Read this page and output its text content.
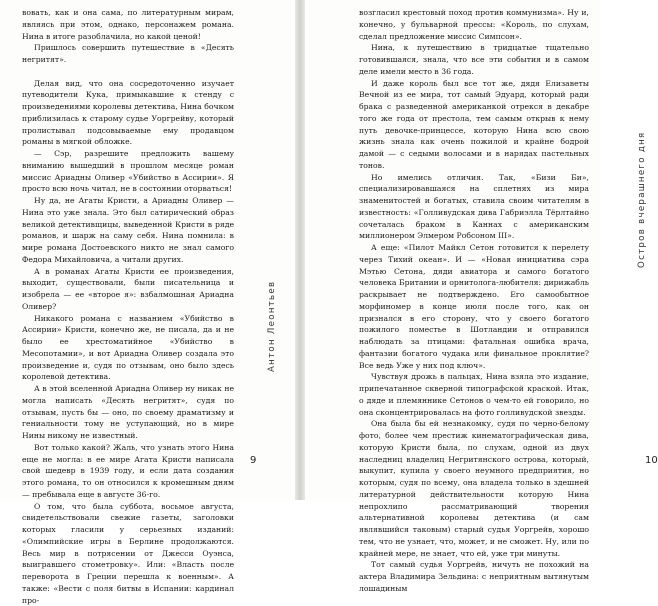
вовать, как и она сама, по литературным мирам, являясь при этом, однако, персонажем романа. Нина в итоге разоблачила, но какой ценой!

Пришлось совершить путешествие в «Десять негритят».

Делая вид, что она сосредоточенно изучает путеводители Кука, примыкавшие к стенду с произведениями королевы детектива, Нина бочком приблизилась к старому судье Уоргрейву, который пролистывал подсовываемые ему продавцом романы в мягкой обложке.

— Сэр, разрешите предложить вашему вниманию вышедший в прошлом месяце роман миссис Ариадны Оливер «Убийство в Ассирии». Я просто всю ночь читал, не в состоянии оторваться!

Ну да, не Агаты Кристи, а Ариадны Оливер — Нина это уже знала. Это был сатирический образ великой детективщицы, выведенной Кристи в ряде романов, и шарж на саму себя. Нина помнила: в мире романа Достоевского никто не знал самого Федора Михайловича, а читали других.

А в романах Агаты Кристи ее произведения, выходит, существовали, были писательница и изобрела — ее «второе я»: взбалмошная Ариадна Оливер?

Никакого романа с названием «Убийство в Ассирии» Кристи, конечно же, не писала, да и не было ее хрестоматийное «Убийство в Месопотамии», и вот Ариадна Оливер создала это произведение и, судя по отзывам, оно было здесь королевой детектива.

А в этой вселенной Ариадна Оливер ну никак не могла написать «Десять негритят», судя по отзывам, пусть бы — оно, по своему драматизму и гениальности тому не уступающий, но в мире Нины никому не известный.

Вот только какой? Жаль, что узнать этого Нина еще не могла: в ее мире Агата Кристи написала свой шедевр в 1939 году, и если дата создания этого романа, то он относился к кромешным дням — пребывала еще в августе 36-го.

О том, что была суббота, восьмое августа, свидетельствовали свежие газеты, заголовки которых гласили у серьезных изданий: «Олимпийские игры в Берлине продолжаются. Весь мир в потрясении от Джесси Оуэнса, выигравшего стометровку». Или: «Власть после переворота в Греции перешла к военным». А также: «Вести с поля битвы в Испании: кардинал про-

Антон Леонтьев
9

возгласил крестовый поход против коммунизма». Ну и, конечно, у бульварной прессы: «Король, по слухам, сделал предложение миссис Симпсон».

Нина, к путешествию в тридцатые тщательно готовившаяся, знала, что все эти события и в самом деле имели место в 36 года.

И даже король был все тот же, дядя Елизаветы Вечной из ее мира, тот самый Эдуард, который ради брака с разведенной американкой отрекся в декабре того же года от престола, тем самым открыв к нему путь девочке-принцессе, которую Нина всю свою жизнь знала как очень пожилой и крайне бодрой дамой — с седыми волосами и в нарядах пастельных тонов.

Но имелись отличия. Так, «Бизи Би», специализировавшаяся на сплетнях из мира знаменитостей и богатых, ставила своим читателям в известность: «Голливудская дива Габриэлла Тёрлтайно сочеталась браком в Каннах с американским миллионером Элмером Робсоном III».

А еще: «Пилот Майкл Сетон готовится к перелету через Тихий океан». И — «Новая инициатива сэра Мэтью Сетона, дяди авиатора и самого богатого человека Британии и орнитолога-любителя: дирижабль раскрывает не подтверждено. Его самообытное морфиномер в конце июля после того, как он признался в его сторону, что у своего богатого пожилого поместье в Шотландии и отправился наблюдать за птицами: фатальная ошибка врача, фантазии богатого чудака или финальное проклятие? Все ведь Уже у них под ключ».

Чувствуя дрожь в пальцах, Нина взяла это издание, припечатанное скверной типографской краской. Итак, о дяде и племяннике Сетонов о чем-то ей говорило, но она сконцентрировалась на фото голливудской звезды.

Она была бы ей незнакомку, судя по черно-белому фото, более чем престиж кинематографическая дива, которую Кристи была, по слухам, одной из двух наследниц владелиц Негритянского острова, который, выкупит, купила у своего неумного предприятия, но которым, судя по всему, она владела только в здешней литературной действительности которую Нина непрохлипо рассматривающий творения альтернативной королевы детектива (и сам являвшийся таковым) старый судья Уоргрейв, хорошо тем, что не узнает, что, может, и не сможет. Ну, или по крайней мере, не знает, что ей, уже три минуты.

Тот самый судья Уоргрейв, ничуть не похожий на актера Владимира Зельдина: с неприятным вытянутым лошадиным

Остров вчерашнего дня
10
